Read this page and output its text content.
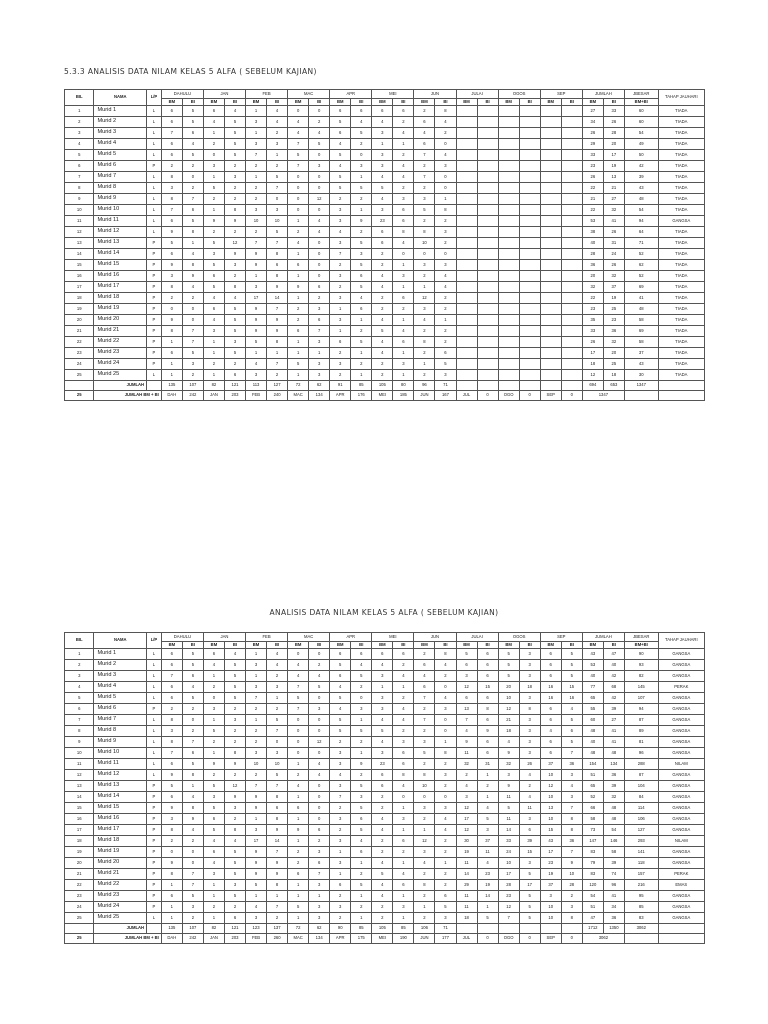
5.3.3 ANALISIS DATA NILAM KELAS 5 ALFA ( SEBELUM KAJIAN)
BIL	NAMA	L/P	DAHULU		JAN		FEB		MAC		APR		MEI		JUN		JULAI		OGOS		SEP		JUMLAH		JBESAR	TAHAP JAUHARI
			BM	BI	BM	BI	BM	BI	BM	BI	BM	BI	BM	BI	BM	BI	BM	BI	BM	BI	BM	BI	BM	BI	BM+BI	
1	Murid 1	L	6	5	6	4	1	4	0	0	6	6	6	6	2	8							27	33	60	TIADA
2	Murid 2	L	6	5	4	5	3	4	4	2	5	4	4	2	6	4							34	26	60	TIADA
3	Murid 3	L	7	6	1	5	1	2	4	4	6	5	3	4	4	2							26	28	54	TIADA
4	Murid 4	L	6	4	2	5	3	3	7	5	4	2	1	1	6	0							29	20	49	TIADA
5	Murid 5	L	6	5	0	5	7	1	5	0	5	0	3	2	7	4							33	17	50	TIADA
6	Murid 6	P	2	2	3	2	2	2	7	3	4	3	3	4	2	3							23	19	42	TIADA
7	Murid 7	L	8	0	1	3	1	5	0	0	5	1	4	4	7	0							26	13	39	TIADA
8	Murid 8	L	3	2	5	2	2	7	0	0	5	5	5	2	2	0							22	21	43	TIADA
9	Murid 9	L	8	7	2	2	2	0	0	12	2	2	4	3	3	1							21	27	48	TIADA
10	Murid 10	L	7	6	1	8	3	3	0	0	3	1	3	6	5	8							22	32	54	TIADA
11	Murid 11	L	6	5	9	9	10	10	1	4	3	9	23	6	2	2							53	41	94	GANGSA
12	Murid 12	L	9	8	2	2	2	5	2	4	4	2	6	8	8	3							38	26	64	TIADA
13	Murid 13	P	5	1	5	12	7	7	4	0	3	5	6	4	10	2							40	31	71	TIADA
14	Murid 14	P	6	4	3	9	9	8	1	0	7	3	2	0	0	0							28	24	52	TIADA
15	Murid 15	P	9	8	5	3	9	6	6	0	2	5	2	1	3	3							36	26	62	TIADA
16	Murid 16	P	3	9	6	2	1	8	1	0	3	6	4	3	2	4							20	32	52	TIADA
17	Murid 17	P	8	4	5	8	3	9	9	6	2	5	4	1	1	4							32	37	69	TIADA
18	Murid 18	P	2	2	4	4	17	14	1	2	3	4	2	6	12	2							22	19	41	TIADA
19	Murid 19	P	0	0	6	5	9	7	2	3	1	6	2	2	3	2							23	25	48	TIADA
20	Murid 20	P	9	0	4	5	9	9	2	6	3	1	4	1	4	1							35	23	58	TIADA
21	Murid 21	P	8	7	3	5	9	9	6	7	1	2	5	4	2	2							33	36	69	TIADA
22	Murid 22	P	1	7	1	3	5	8	1	3	6	5	4	6	8	2							26	32	58	TIADA
23	Murid 23	P	6	5	1	5	1	1	1	1	2	1	4	1	2	6							17	20	37	TIADA
24	Murid 24	P	1	3	2	2	4	7	5	3	3	2	2	3	1	5							18	25	43	TIADA
25	Murid 25	L	1	2	1	6	3	2	1	3	2	1	2	1	2	3							12	18	30	TIADA
	JUMLAH		135	107	82	121	113	127	72	62	91	85	105	80	96	71							694	653	1347	
25	JUMLAH BM + BI		DAH	242	JAN	203	FEB	240	MAC	134	APR	176	MEI	185	JUN	167	JUL	0	OGO	0	SEP	0	1347			
ANALISIS DATA NILAM KELAS 5 ALFA ( SEBELUM KAJIAN)
BIL	NAMA	L/P	DAHULU		JAN		FEB		MAC		APR		MEI		JUN		JULAI		OGOS		SEP		JUMLAH		JBESAR	TAHAP JAUHARI
			BM	BI	BM	BI	BM	BI	BM	BI	BM	BI	BM	BI	BM	BI	BM	BI	BM	BI	BM	BI	BM	BI	BM+BI	
1	Murid 1	L	6	5	6	4	1	4	0	0	6	6	6	6	2	8	5	6	5	3	6	5	43	47	90	GANGSA
2	Murid 2	L	6	5	4	5	3	4	4	2	5	4	4	2	6	4	6	6	5	3	6	5	53	40	93	GANGSA
3	Murid 3	L	7	6	1	5	1	2	4	4	6	5	3	4	4	2	3	6	5	3	6	5	40	42	82	GANGSA
4	Murid 4	L	6	4	2	5	3	3	7	5	4	2	1	1	6	0	12	15	20	18	16	15	77	68	145	PERAK
5	Murid 5	L	6	5	0	5	7	1	5	0	5	0	3	2	7	4	6	6	10	3	16	16	65	42	107	GANGSA
6	Murid 6	P	2	2	3	2	2	2	7	3	4	3	3	4	2	3	13	8	12	8	6	4	55	39	94	GANGSA
7	Murid 7	L	8	0	1	3	1	5	0	0	5	1	4	4	7	0	7	6	21	3	6	5	60	27	87	GANGSA
8	Murid 8	L	3	2	5	2	2	7	0	0	5	5	5	2	2	0	4	9	18	3	4	6	48	41	89	GANGSA
9	Murid 9	L	8	7	2	2	2	0	0	12	2	2	4	3	3	1	9	6	4	3	6	5	40	41	81	GANGSA
10	Murid 10	L	7	6	1	8	3	3	0	0	3	1	3	6	5	8	11	6	9	3	6	7	48	48	96	GANGSA
11	Murid 11	L	6	5	9	9	10	10	1	4	3	9	23	6	2	2	32	31	32	26	37	36	154	134	288	NILAM
12	Murid 12	L	9	8	2	2	2	5	2	4	4	2	6	8	8	3	2	1	3	4	10	3	51	36	87	GANGSA
13	Murid 13	P	5	1	5	12	7	7	4	0	3	5	6	4	10	2	4	2	9	2	12	4	65	39	104	GANGSA
14	Murid 14	P	6	4	3	9	9	8	1	0	7	3	2	0	0	0	3	1	11	4	10	3	52	32	84	GANGSA
15	Murid 15	P	9	8	5	3	9	6	6	0	2	5	2	1	3	3	12	4	5	11	13	7	66	48	114	GANGSA
16	Murid 16	P	3	9	6	2	1	8	1	0	3	6	4	3	2	4	17	5	11	3	10	8	58	48	106	GANGSA
17	Murid 17	P	8	4	5	8	3	9	9	6	2	5	4	1	1	4	12	3	14	6	15	8	73	54	127	GANGSA
18	Murid 18	P	2	2	4	4	17	14	1	2	3	4	2	6	12	2	30	37	33	39	43	36	147	146	293	NILAM
19	Murid 19	P	0	0	6	5	9	7	2	3	1	6	2	2	3	2	19	11	24	15	17	7	83	58	141	GANGSA
20	Murid 20	P	9	0	4	5	9	9	2	6	3	1	4	1	4	1	11	4	10	3	23	9	79	39	118	GANGSA
21	Murid 21	P	8	7	3	5	9	9	6	7	1	2	5	4	2	2	14	23	17	5	19	10	83	74	157	PERAK
22	Murid 22	P	1	7	1	3	5	8	1	3	6	5	4	6	8	2	29	19	28	17	37	28	120	96	216	EMAS
23	Murid 23	P	6	5	1	5	1	1	1	1	2	1	4	1	2	6	11	14	23	5	3	2	54	41	95	GANGSA
24	Murid 24	P	1	3	2	2	4	7	5	3	3	2	2	3	1	5	11	1	12	5	10	3	51	34	85	GANGSA
25	Murid 25	L	1	2	1	6	3	2	1	3	2	1	2	1	2	3	18	5	7	5	10	8	47	36	83	GANGSA
	JUMLAH		135	107	82	121	123	137	72	62	90	85	105	85	106	71							1712	1350	3062	
25	JUMLAH BM + BI		DAH	242	JAN	203	FEB	260	MAC	134	APR	175	MEI	190	JUN	177	JUL	0	OGO	0	SEP	0	3062			
